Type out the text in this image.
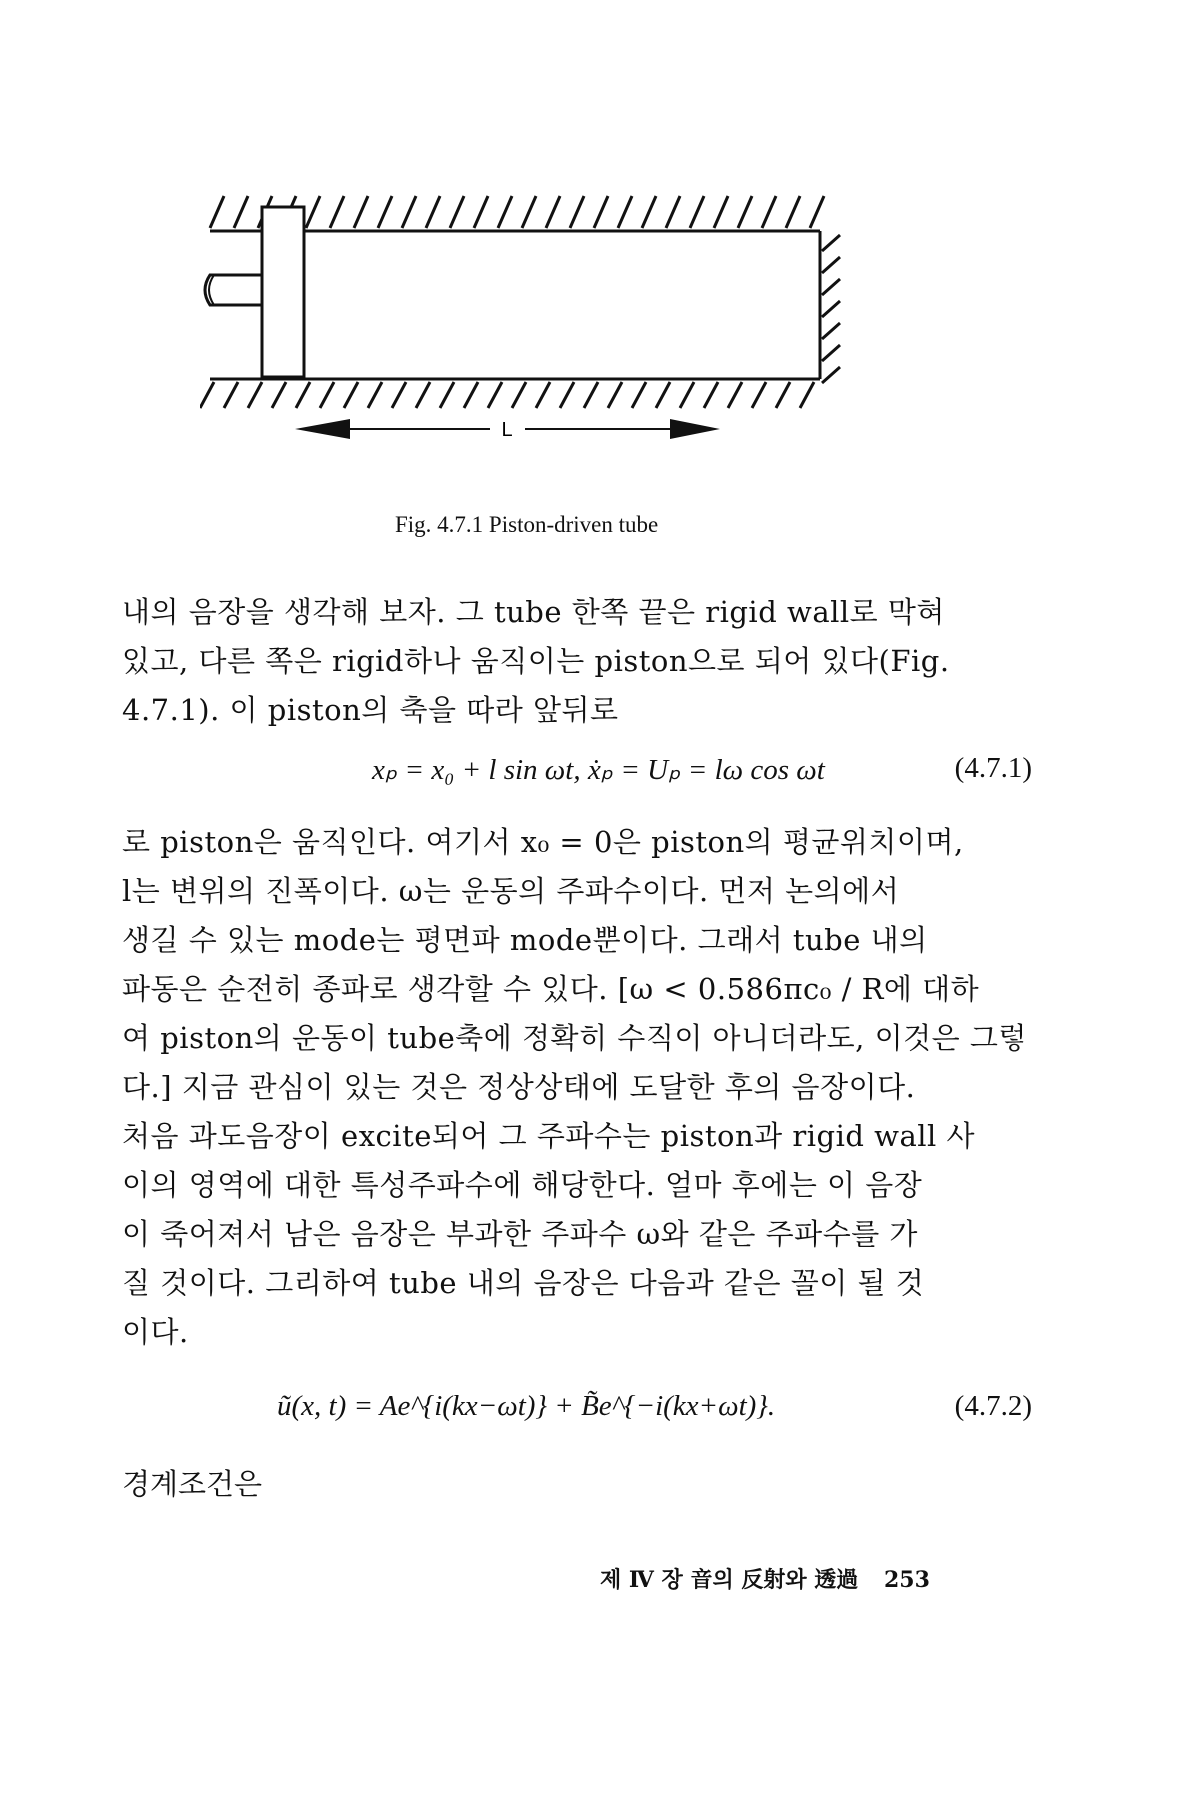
L
Fig. 4.7.1 Piston-driven tube

내의 음장을 생각해 보자. 그 tube 한쪽 끝은 rigid wall로 막혀

있고, 다른 쪽은 rigid하나 움직이는 piston으로 되어 있다(Fig.

4.7.1). 이 piston의 축을 따라 앞뒤로

xₚ = x₀ + l sin ωt, ẋₚ = Uₚ = lω cos ωt	(4.7.1)

로 piston은 움직인다. 여기서 x₀ = 0은 piston의 평균위치이며,

l는 변위의 진폭이다. ω는 운동의 주파수이다. 먼저 논의에서

생길 수 있는 mode는 평면파 mode뿐이다. 그래서 tube 내의

파동은 순전히 종파로 생각할 수 있다. [ω < 0.586πc₀ / R에 대하

여 piston의 운동이 tube축에 정확히 수직이 아니더라도, 이것은 그렇

다.] 지금 관심이 있는 것은 정상상태에 도달한 후의 음장이다.

처음 과도음장이 excite되어 그 주파수는 piston과 rigid wall 사

이의 영역에 대한 특성주파수에 해당한다. 얼마 후에는 이 음장

이 죽어져서 남은 음장은 부과한 주파수 ω와 같은 주파수를 가

질 것이다. 그리하여 tube 내의 음장은 다음과 같은 꼴이 될 것

이다.

ũ(x, t) = Ae^{i(kx−ωt)} + B̃e^{−i(kx+ωt)}.	(4.7.2)
경계조건은
제 Ⅳ 장 音의 反射와 透過 253
